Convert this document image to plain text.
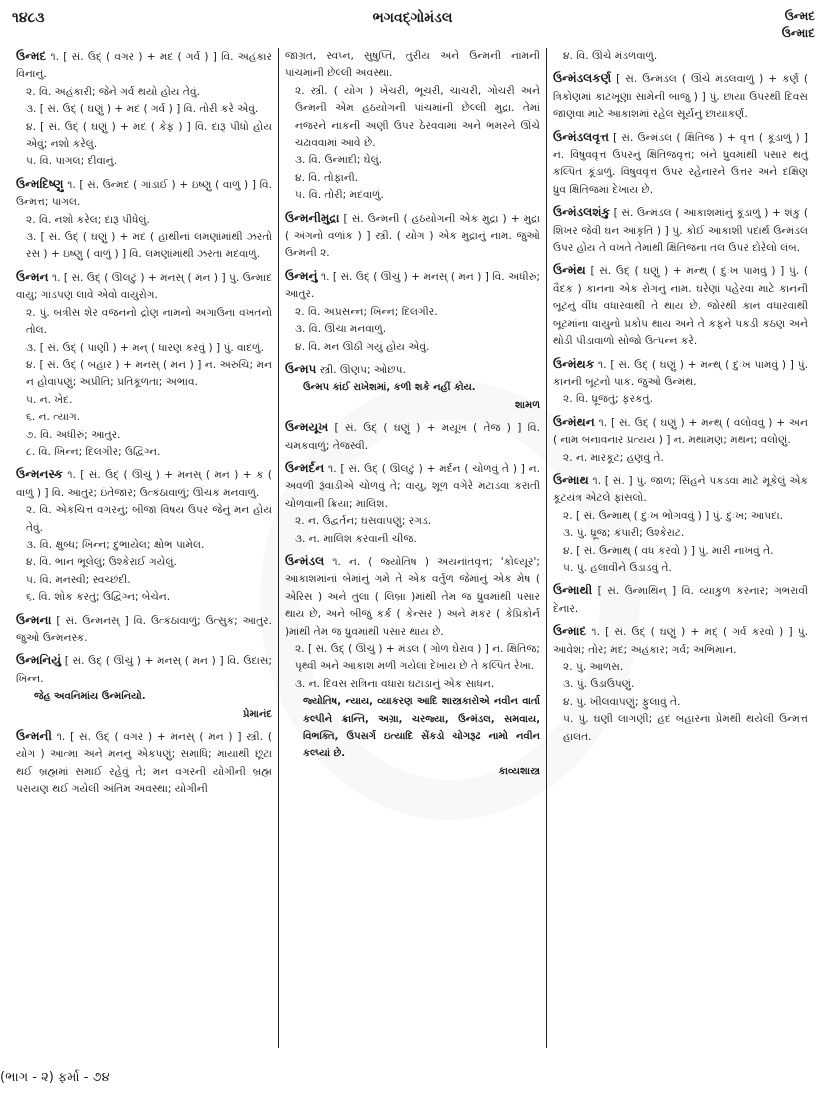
૧૪૮૩	ભગવદ્ગોમંડલ	ઉન્મદ
ઉન્માદ
ઉન્મદ ૧. [ સં. ઉદ્ ( વગર ) + મદ ( ગર્વ ) ] વિ. અહંકાર વિનાનું.
૨. વિ. અહંકારી; જેને ગર્વ થયો હોય તેવું.
૩. [ સં. ઉદ્ ( ઘણું ) + મદ ( ગર્વ ) ] વિ. તોરી કરે એવું.
૪. [ સં. ઉદ્ ( ઘણું ) + મદ ( કેફ ) ] વિ. દારૂ પીધો હોય એવું; નશો કરેલું.
૫. વિ. પાગલ; દીવાનું.
ઉન્મદિષ્ણુ ૧. [ સં. ઉન્મદ ( ગાંડાઈ ) + ઇષ્ણુ ( વાળું ) ] વિ. ઉન્મત્ત; પાગલ.
૨. વિ. નશો કરેલ; દારૂ પીધેલું.
૩. [ સં. ઉદ્ ( ઘણું ) + મદ ( હાથીનાં લમણાંમાંથી ઝરતો રસ ) + ઇષ્ણુ ( વાળું ) ] વિ. લમણાંમાંથી ઝરતા મદવાળું.
ઉન્મન ૧. [ સં. ઉદ્ ( ઊલટું ) + મનસ્ ( મન ) ] પું. ઉન્માદ વાયુ; ગાંડપણ લાવે એવો વાયુરોગ.
૨. પું. બત્રીસ શેર વજનનો દ્રોણ નામનો અગાઉના વખતનો તોલ.
૩. [ સં. ઉદ્ ( પાણી ) + મન્ ( ધારણ કરવું ) ] પું. વાદળું.
૪. [ સં. ઉદ્ ( બહાર ) + મનસ્ ( મન ) ] ન. અરુચિ; મન ન હોવાપણું; અપ્રીતિ; પ્રતિકૂળતા; અભાવ.
૫. ન. ખેદ.
૬. ન. ત્યાગ.
૭. વિ. અધીરું; આતુર.
૮. વિ. ખિન્ન; દિલગીર; ઉદ્વિગ્ન.
ઉન્મનસ્ક ૧. [ સં. ઉદ્ ( ઊંચું ) + મનસ્ ( મન ) + ક ( વાળું ) ] વિ. આતુર; ઇંતેજાર; ઉત્કંઠાવાળું; ઊંચક મનવાળું.
૨. વિ. એકચિત્ત વગરનું; બીજા વિષય ઉપર જેનું મન હોય તેવું.
૩. વિ. ક્ષુબ્ધ; ખિન્ન; દુભાયેલ; ક્ષોભ પામેલ.
૪. વિ. ભાન ભૂલેલું; ઉશ્કેરાઈ ગયેલું.
૫. વિ. મનસ્વી; સ્વચ્છંદી.
૬. વિ. શોક કરતું; ઉદ્વિગ્ન; બેચેન.
ઉન્મના [ સં. ઉન્મનસ્ ] વિ. ઉત્કંઠાવાળું; ઉત્સુક; આતુર. જુઓ ઉન્મનસ્ક.
ઉન્મનિયું [ સં. ઉદ્ ( ઊંચું ) + મનસ્ ( મન ) ] વિ. ઉદાસ; ખિન્ન.
જેહ અવનિમાંય ઉન્મનિયો.
પ્રેમાનંદ
ઉન્મની ૧. [ સં. ઉદ્ ( વગર ) + મનસ્ ( મન ) ] સ્ત્રી. ( યોગ ) આત્મા અને મનનું એકપણું; સમાધિ; માયાથી છૂટા થઈ બ્રહ્મમાં સમાઈ રહેવું તે; મન વગરની યોગીની બ્રહ્મ પરાયણ થઈ ગયેલી અંતિમ અવસ્થા; યોગીની
જાગ્રત, સ્વપ્ન, સુષુપ્તિ, તુરીય અને ઉન્મની નામની પાંચમાંની છેલ્લી અવસ્થા.
૨. સ્ત્રી. ( યોગ ) ખેચરી, ભૂચરી, ચાચરી, ગોચરી અને ઉન્મની એમ હઠયોગની પાંચમાંની છેલ્લી મુદ્રા. તેમાં નજરને નાકની અણી ઉપર ઠેરવવામાં અને ભમરને ઊંચે ચઢાવવામાં આવે છે.
૩. વિ. ઉન્માદી; ઘેલું.
૪. વિ. તોફાની.
૫. વિ. તોરી; મદવાળું.
ઉન્મનીમુદ્રા [ સં. ઉન્મની ( હઠયોગની એક મુદ્રા ) + મુદ્રા ( અંગનો વળાંક ) ] સ્ત્રી. ( યોગ ) એક મુદ્રાનું નામ. જુઓ ઉન્મની ૨.
ઉન્મનું ૧. [ સં. ઉદ્ ( ઊંચું ) + મનસ્ ( મન ) ] વિ. અધીરું; આતુર.
૨. વિ. અપ્રસન્ન; ખિન્ન; દિલગીર.
૩. વિ. ઊંચા મનવાળું.
૪. વિ. મન ઊઠી ગયું હોય એવું.
ઉન્મપ સ્ત્રી. ઊણપ; ઓછપ.
ઉન્મપ કાંઈ રાખેશમાં, કળી શકે નહીં કોય.
શામળ
ઉન્મયૂખ [ સં. ઉદ્ ( ઘણું ) + મયૂખ ( તેજ ) ] વિ. ચમકવાળું; તેજસ્વી.
ઉન્મર્દન ૧. [ સં. ઉદ્ ( ઊલટું ) + મર્દન ( ચોળવું તે ) ] ન. અવળી રૂંવાડીએ ચોળવું તે; વાયુ, શૂળ વગેરે મટાડવા કરાતી ચોળવાની ક્રિયા; માલિશ.
૨. ન. ઉદ્વર્તન; ઘસવાપણું; રગડ.
૩. ન. માલિશ કરવાની ચીજ.
ઉન્મંડલ ૧. ન. ( જ્યોતિષ ) અયનાંતવૃત્ત; 'કોલ્યૂર'; આકાશમાંનાં બેમાંનું ગમે તે એક વર્તુળ જેમાંનું એક મેષ ( એરિસ ) અને તુલા ( લિબ્રા )માંથી તેમ જ ધ્રુવમાંથી પસાર થાય છે, અને બીજું કર્ક ( કેન્સર ) અને મકર ( કેપ્રિકોર્ન )માંથી તેમ જ ધ્રુવમાંથી પસાર થાય છે.
૨. [ સં. ઉદ્ ( ઊંચું ) + મંડલ ( ગોળ ઘેરાવ ) ] ન. ક્ષિતિજ; પૃથ્વી અને આકાશ મળી ગયેલાં દેખાય છે તે કલ્પિત રેખા.
૩. ન. દિવસ રાત્રિના વધારા ઘટાડાનું એક સાધન.
જ્યોતિષ, ન્યાય, વ્યાકરણ આદિ શાસ્ત્રકારોએ નવીન વાર્તા કલ્પીને ક્રાન્તિ, અગ્રા, ચરજ્યા, ઉન્મંડલ, સમવાય, વિભક્તિ, ઉપસર્ગ ઇત્યાદિ સેંકડો ચોગરૂઢ નામો નવીન કલ્પ્યાં છે.
કાવ્યશાસ્ત્ર
૪. વિ. ઊંચે મંડળવાળું.
ઉન્મંડલકર્ણ [ સં. ઉન્મંડલ ( ઊંચે મંડલવાળું ) + કર્ણ ( ત્રિકોણમાં કાટખૂણા સામેની બાજુ ) ] પું. છાયા ઉપરથી દિવસ જાણવા માટે આકાશમાં રહેલ સૂર્યનું છાયાકર્ણ.
ઉન્મંડલવૃત્ત [ સં. ઉન્મંડલ ( ક્ષિતિજ ) + વૃત્ત ( કૂંડાળું ) ] ન. વિષુવવૃત્ત ઉપરનું ક્ષિતિજવૃત્ત; બંને ધ્રુવમાંથી પસાર થતું કલ્પિત કૂંડાળું. વિષુવવૃત્ત ઉપર રહેનારને ઉત્તર અને દક્ષિણ ધ્રુવ ક્ષિતિજમાં દેખાય છે.
ઉન્મંડલશંકુ [ સં. ઉન્મંડલ ( આકાશમાંનું કૂંડાળું ) + શંકુ ( શિખર જેવી ઘન આકૃતિ ) ] પું. કોઈ આકાશી પદાર્થ ઉન્મંડલ ઉપર હોય તે વખતે તેમાંથી ક્ષિતિજના તલ ઉપર દોરેલો લંબ.
ઉન્મંથ [ સં. ઉદ્ ( ઘણું ) + મન્થ્ ( દુઃખ પામવું ) ] પું. ( વૈદક ) કાનના એક રોગનું નામ. ઘરેણાં પહેરવા માટે કાનની બૂટનું વીંધ વધારવાથી તે થાય છે. જોરથી કાન વધારવાથી બૂટમાંના વાયુનો પ્રકોપ થાય અને તે કફને પકડી કઠણ અને થોડી પીડાવાળો સોજો ઉત્પન્ન કરે.
ઉન્મંથક ૧. [ સં. ઉદ્ ( ઘણું ) + મન્થ્ ( દુઃખ પામવું ) ] પું. કાનની બૂટનો પાક. જુઓ ઉન્મંથ.
૨. વિ. ધ્રૂજતું; ફરકતું.
ઉન્મંથન ૧. [ સં. ઉદ્ ( ઘણું ) + મન્થ્ ( વલોવવું ) + અન ( નામ બનાવનાર પ્રત્યય ) ] ન. મથામણ; મથન; વલોણું.
૨. ન. મારકૂટ; હણવું તે.
ઉન્માથ ૧. [ સં. ] પું. જાળ; સિંહને પકડવા માટે મૂકેલું એક કૂટયંત્ર એટલે ફાંસલો.
૨. [ સં. ઉન્માથ્ ( દુઃખ ભોગવવું ) ] પું. દુઃખ; આપદા.
૩. પું. ધ્રૂજ; કંપારી; ઉશ્કેરાટ.
૪. [ સં. ઉન્માથ્ ( વધ કરવો ) ] પું. મારી નાખવું તે.
૫. પું. હલાવીને ઉડાડવું તે.
ઉન્માથી [ સં. ઉન્માથિન્ ] વિ. વ્યાકુળ કરનાર; ગભરાવી દેનાર.
ઉન્માદ ૧. [ સં. ઉદ્ ( ઘણું ) + મદ્ ( ગર્વ કરવો ) ] પું. આવેશ; તોર; મદ; અહંકાર; ગર્વ; અભિમાન.
૨. પું. આળસ.
૩. પું. ઉડાઉપણું.
૪. પું. ખીલવાપણું; ફુલાવું તે.
૫. પું. ઘણી લાગણી; હદ બહારના પ્રેમથી થયેલી ઉન્મત્ત હાલત.
(ભાગ - ૨) ફર્મા - ૭૪
